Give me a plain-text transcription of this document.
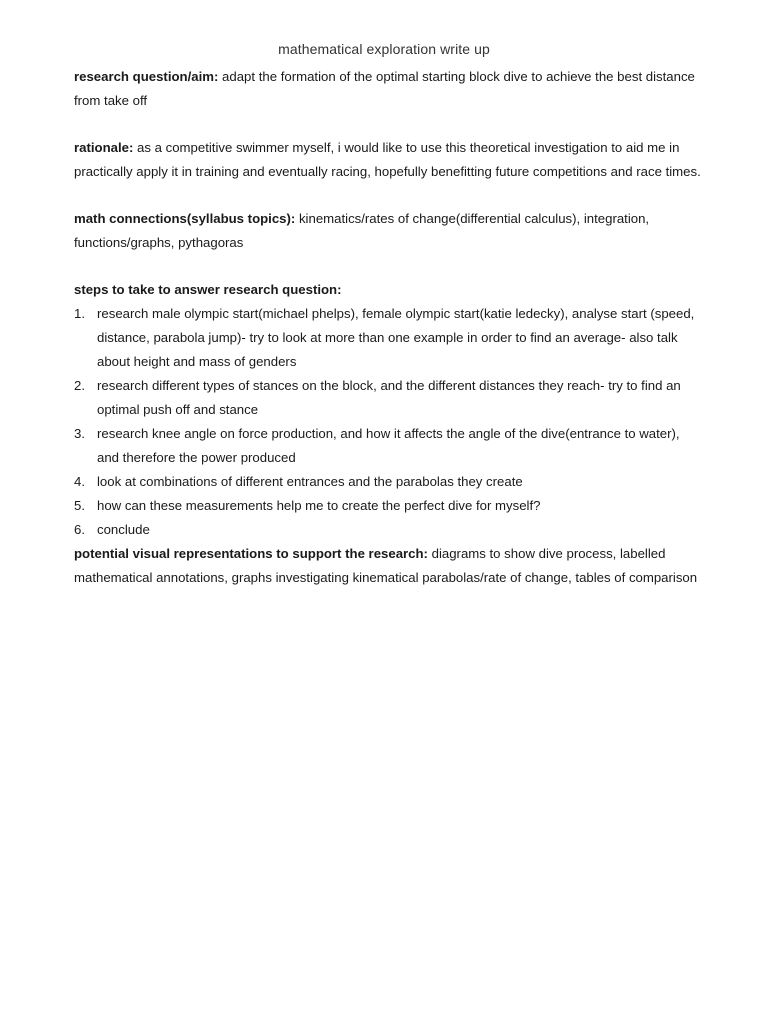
mathematical exploration write up

research question/aim: adapt the formation of the optimal starting block dive to achieve the best distance from take off

rationale: as a competitive swimmer myself, i would like to use this theoretical investigation to aid me in practically apply it in training and eventually racing, hopefully benefitting future competitions and race times.

math connections(syllabus topics): kinematics/rates of change(differential calculus), integration, functions/graphs, pythagoras

steps to take to answer research question:

1. research male olympic start(michael phelps), female olympic start(katie ledecky), analyse start (speed, distance, parabola jump)- try to look at more than one example in order to find an average- also talk about height and mass of genders
2. research different types of stances on the block, and the different distances they reach- try to find an optimal push off and stance
3. research knee angle on force production, and how it affects the angle of the dive(entrance to water), and therefore the power produced
4. look at combinations of different entrances and the parabolas they create
5. how can these measurements help me to create the perfect dive for myself?
6. conclude

potential visual representations to support the research: diagrams to show dive process, labelled mathematical annotations, graphs investigating kinematical parabolas/rate of change, tables of comparison
